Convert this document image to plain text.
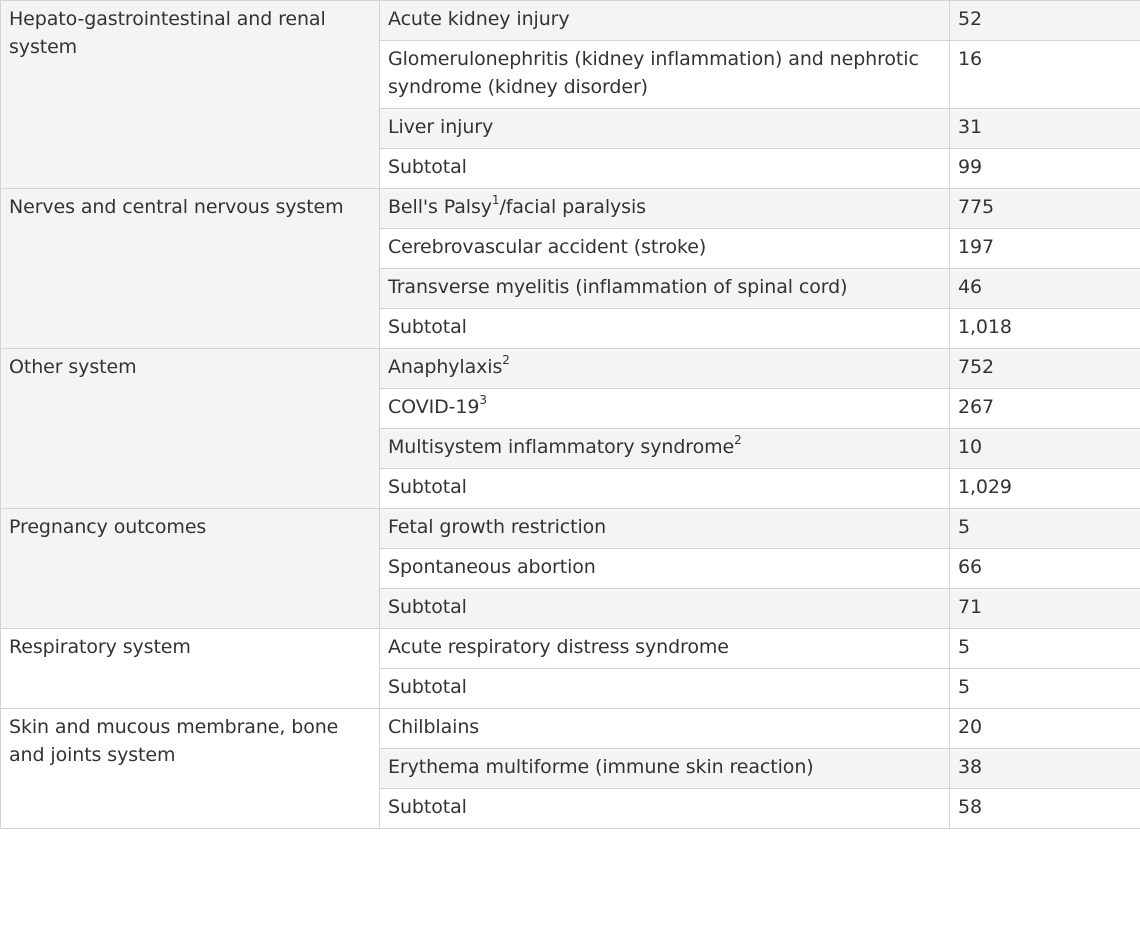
Hepato-gastrointestinal and renal system	Acute kidney injury	52
	Glomerulonephritis (kidney inflammation) and nephrotic syndrome (kidney disorder)	16
	Liver injury	31
	Subtotal	99
Nerves and central nervous system	Bell's Palsy$^1$/facial paralysis	775
	Cerebrovascular accident (stroke)	197
	Transverse myelitis (inflammation of spinal cord)	46
	Subtotal	1,018
Other system	Anaphylaxis$^2$	752
	COVID-$19^3$	267
	Multisystem inflammatory syndrome$^2$	10
	Subtotal	1,029
Pregnancy outcomes	Fetal growth restriction	5
	Spontaneous abortion	66
	Subtotal	71
Respiratory system	Acute respiratory distress syndrome	5
	Subtotal	5
Skin and mucous membrane, bone and joints system	Chilblains	20
	Erythema multiforme (immune skin reaction)	38
	Subtotal	58
